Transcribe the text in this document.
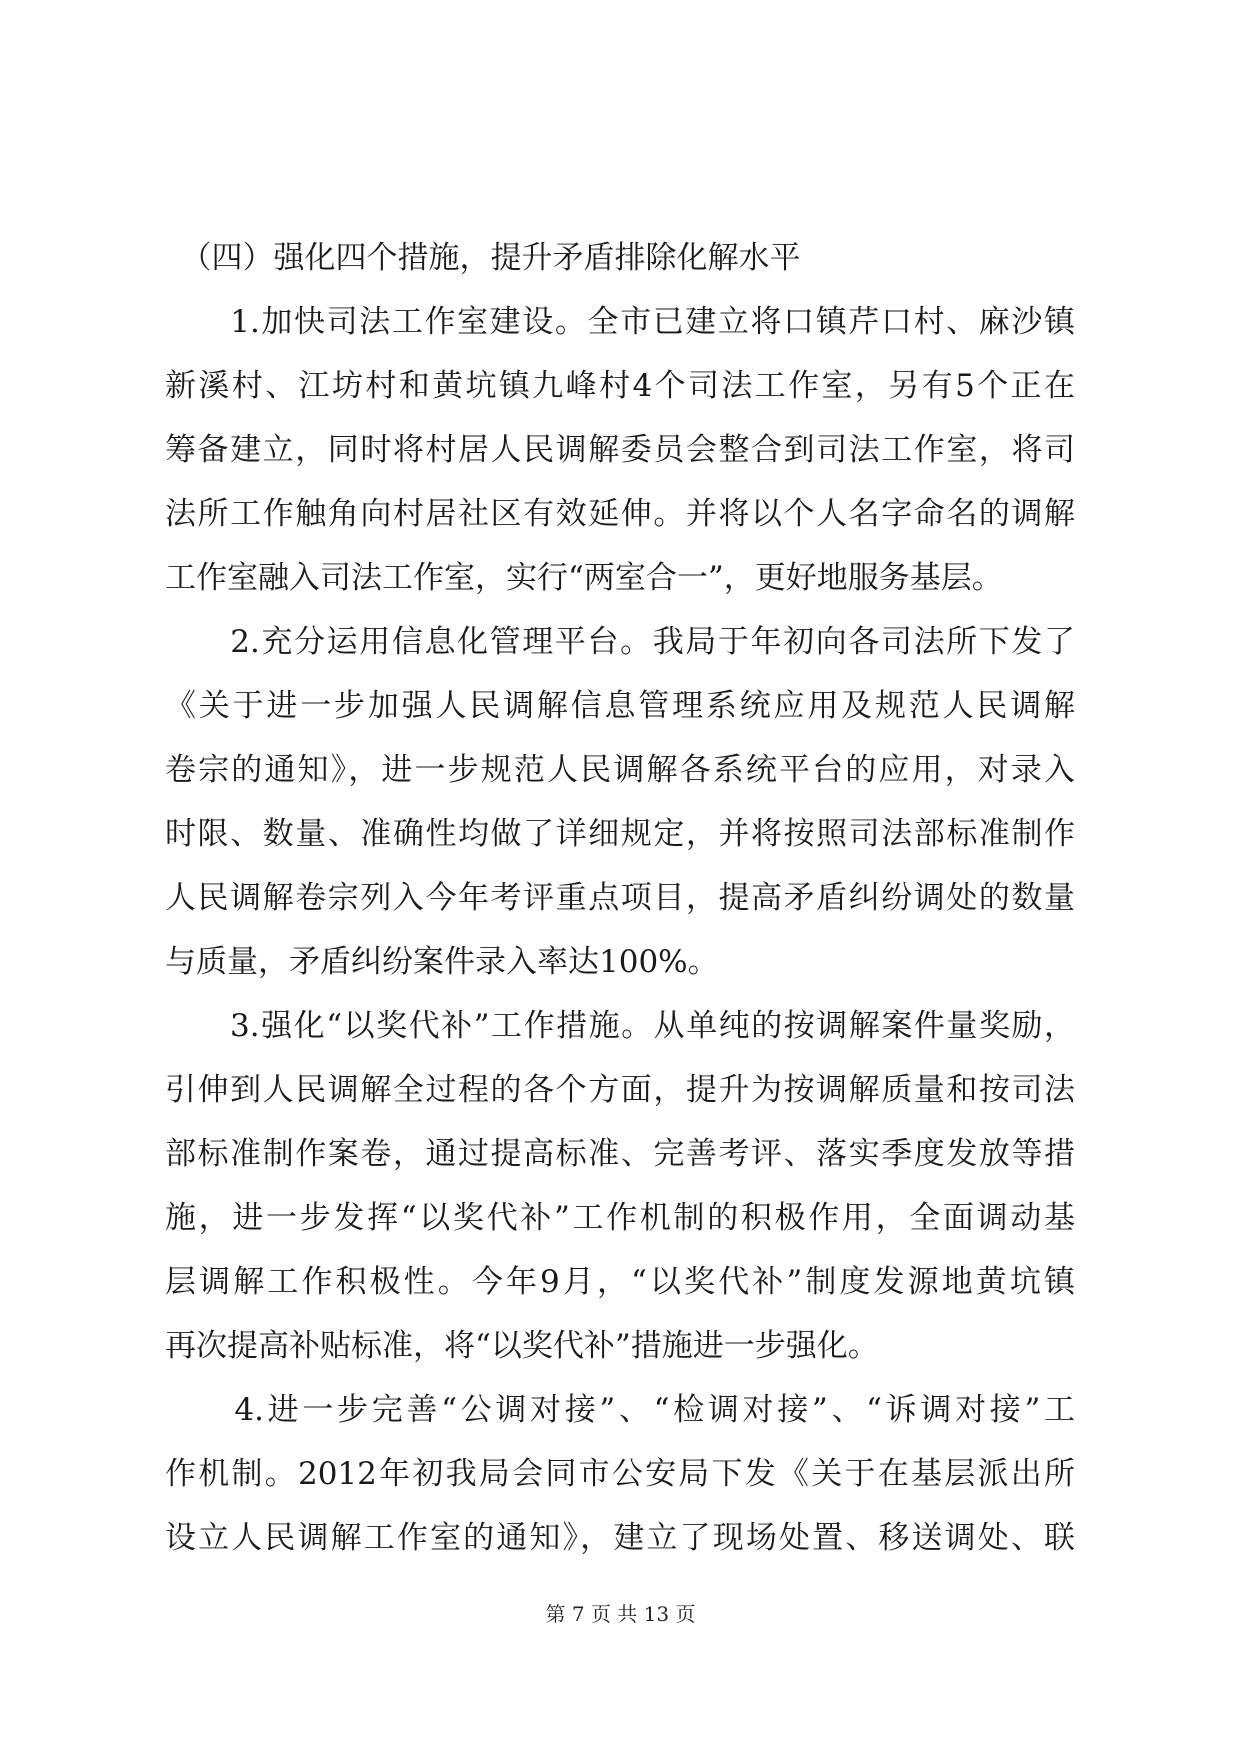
　（四）强化四个措施，提升矛盾排除化解水平
　　1.加快司法工作室建设。全市已建立将口镇芹口村、麻沙镇
新溪村、江坊村和黄坑镇九峰村4个司法工作室，另有5个正在
筹备建立，同时将村居人民调解委员会整合到司法工作室，将司
法所工作触角向村居社区有效延伸。并将以个人名字命名的调解
工作室融入司法工作室，实行“两室合一”，更好地服务基层。
　　2.充分运用信息化管理平台。我局于年初向各司法所下发了
《关于进一步加强人民调解信息管理系统应用及规范人民调解
卷宗的通知》，进一步规范人民调解各系统平台的应用，对录入
时限、数量、准确性均做了详细规定，并将按照司法部标准制作
人民调解卷宗列入今年考评重点项目，提高矛盾纠纷调处的数量
与质量，矛盾纠纷案件录入率达100%。
　　3.强化“以奖代补”工作措施。从单纯的按调解案件量奖励，
引伸到人民调解全过程的各个方面，提升为按调解质量和按司法
部标准制作案卷，通过提高标准、完善考评、落实季度发放等措
施，进一步发挥“以奖代补”工作机制的积极作用，全面调动基
层调解工作积极性。今年9月，“以奖代补”制度发源地黄坑镇
再次提高补贴标准，将“以奖代补”措施进一步强化。
　　4.进一步完善“公调对接”、“检调对接”、“诉调对接”工
作机制。2012年初我局会同市公安局下发《关于在基层派出所
设立人民调解工作室的通知》，建立了现场处置、移送调处、联
第 7 页 共 13 页
